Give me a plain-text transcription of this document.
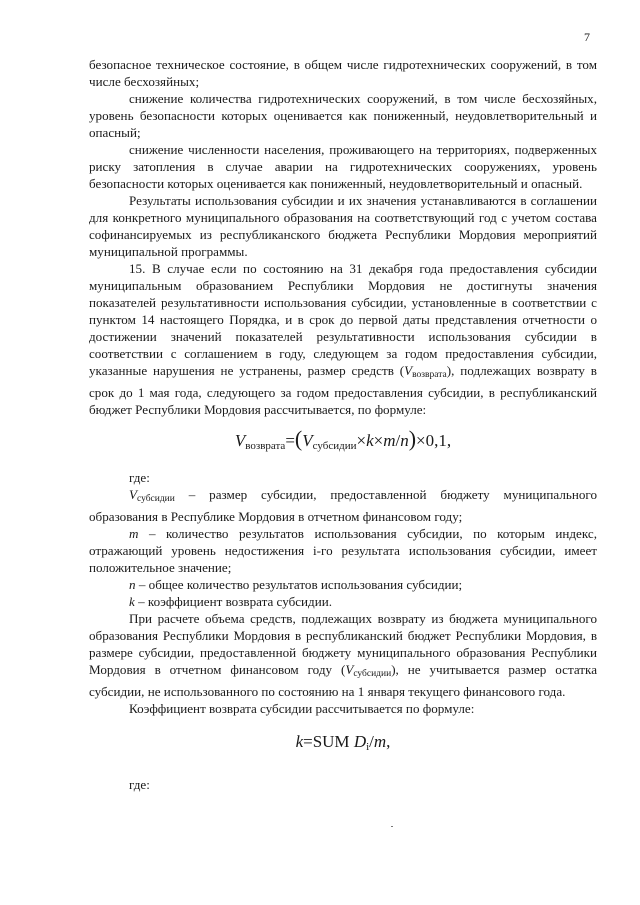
7

безопасное техническое состояние, в общем числе гидротехнических сооружений, в том числе бесхозяйных;

снижение количества гидротехнических сооружений, в том числе бесхозяйных, уровень безопасности которых оценивается как пониженный, неудовлетворительный и опасный;

снижение численности населения, проживающего на территориях, подверженных риску затопления в случае аварии на гидротехнических сооружениях, уровень безопасности которых оценивается как пониженный, неудовлетворительный и опасный.

Результаты использования субсидии и их значения устанавливаются в соглашении для конкретного муниципального образования на соответствующий год с учетом состава софинансируемых из республиканского бюджета Республики Мордовия мероприятий муниципальной программы.

15. В случае если по состоянию на 31 декабря года предоставления субсидии муниципальным образованием Республики Мордовия не достигнуты значения показателей результативности использования субсидии, установленные в соответствии с пунктом 14 настоящего Порядка, и в срок до первой даты представления отчетности о достижении значений показателей результативности использования субсидии в соответствии с соглашением в году, следующем за годом предоставления субсидии, указанные нарушения не устранены, размер средств (Vвозврата), подлежащих возврату в срок до 1 мая года, следующего за годом предоставления субсидии, в республиканский бюджет Республики Мордовия рассчитывается, по формуле:

$V_{возврата}=(V_{субсидии}\times k\times m/n)\times 0,1$,

где:

Vсубсидии – размер субсидии, предоставленной бюджету муниципального образования в Республике Мордовия в отчетном финансовом году;

m – количество результатов использования субсидии, по которым индекс, отражающий уровень недостижения i-го результата использования субсидии, имеет положительное значение;

n – общее количество результатов использования субсидии;

k – коэффициент возврата субсидии.

При расчете объема средств, подлежащих возврату из бюджета муниципального образования Республики Мордовия в республиканский бюджет Республики Мордовия, в размере субсидии, предоставленной бюджету муниципального образования Республики Мордовия в отчетном финансовом году (Vсубсидии), не учитывается размер остатка субсидии, не использованного по состоянию на 1 января текущего финансового года.

Коэффициент возврата субсидии рассчитывается по формуле:

k=SUM $D_i/m$,

где:
